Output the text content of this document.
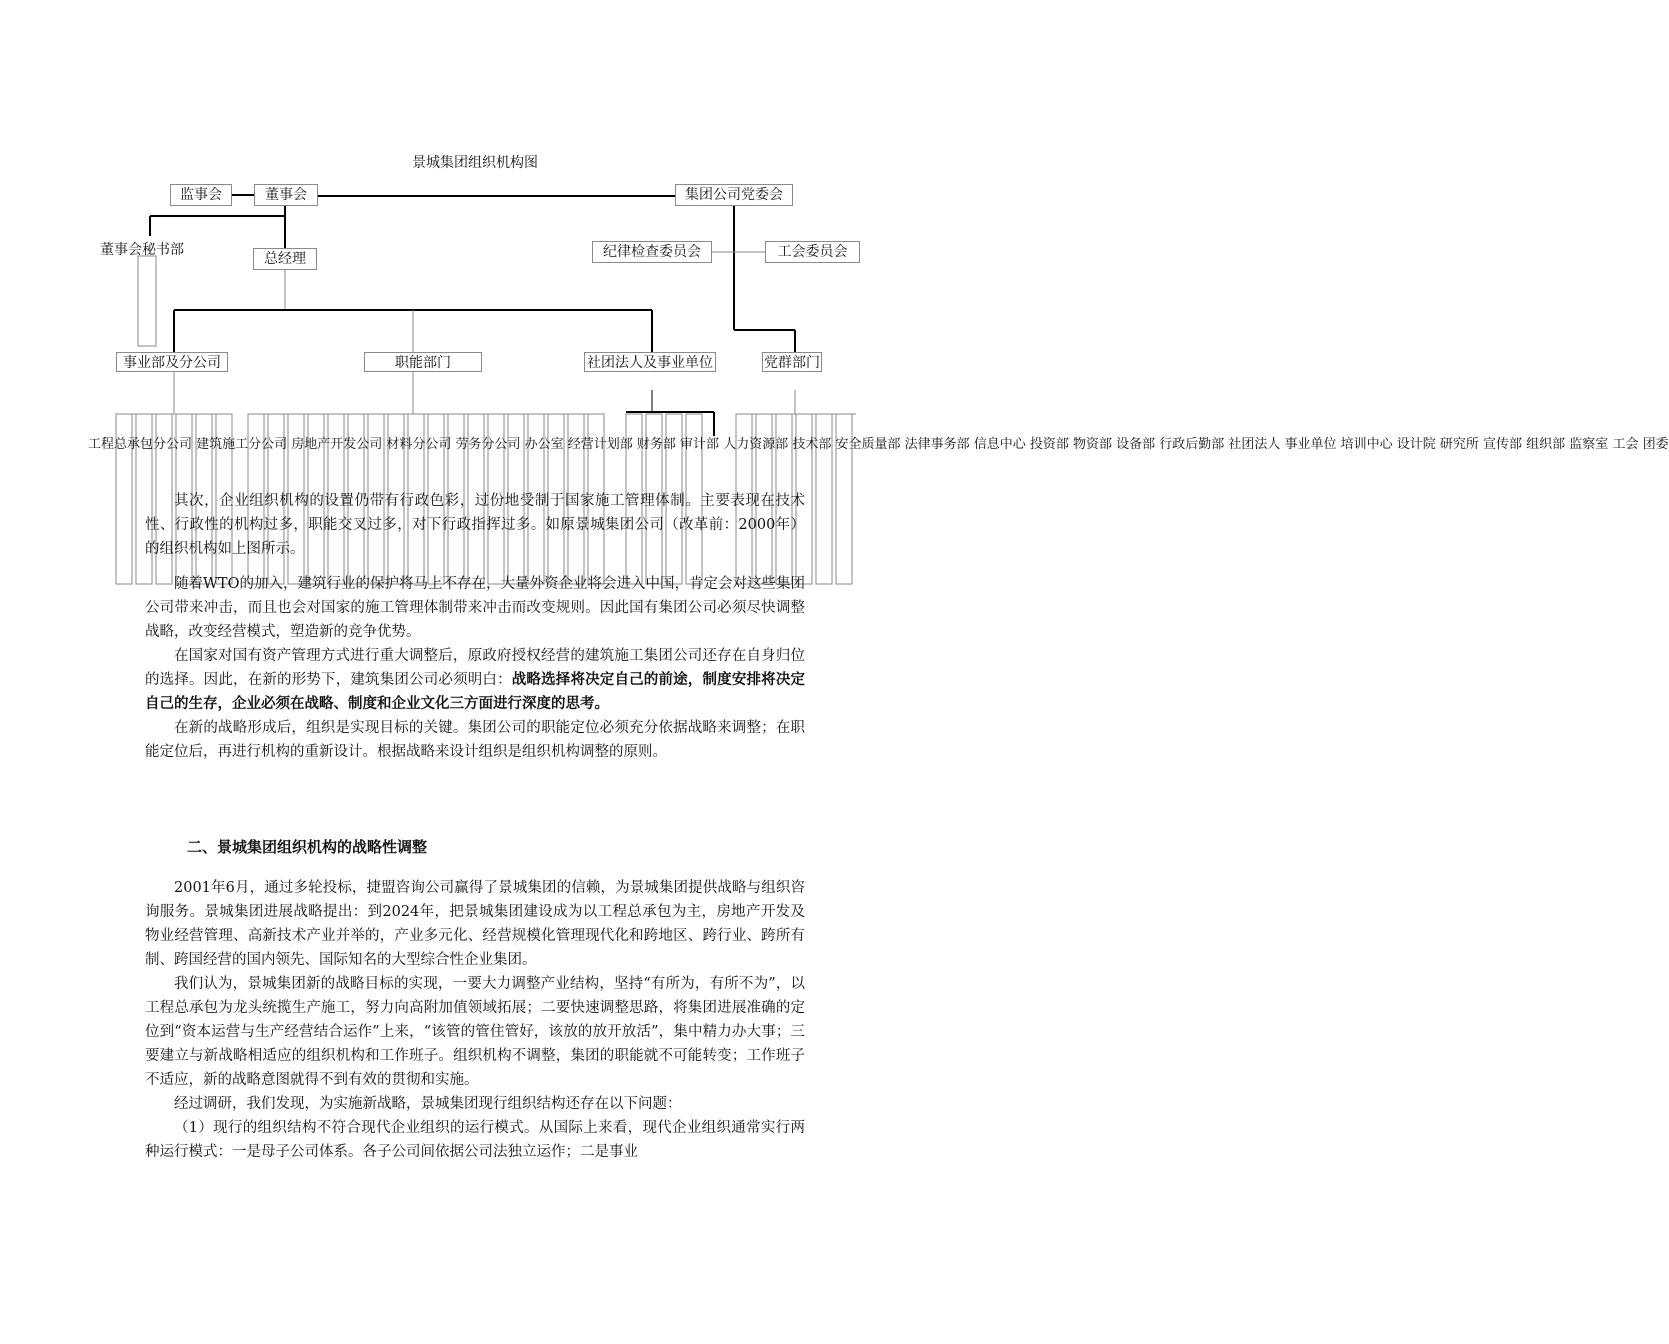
景城集团组织机构图
监事会	董事会	集团公司党委会
董事会秘书部
总经理	纪律检查委员会	工会委员会
事业部及分公司	职能部门	社团法人及事业单位	党群部门
工程总承包分公司 建筑施工分公司 房地产开发公司 材料分公司 劳务分公司 办公室 经营计划部 财务部 审计部 人力资源部 技术部 安全质量部 法律事务部 信息中心 投资部 物资部 设备部 行政后勤部 社团法人 事业单位 培训中心 设计院 研究所 宣传部 组织部 监察室 工会 团委

其次，企业组织机构的设置仍带有行政色彩，过份地受制于国家施工管理体制。主要表现在技术性、行政性的机构过多，职能交叉过多，对下行政指挥过多。如原景城集团公司（改革前：2000年）的组织机构如上图所示。

随着WTO的加入，建筑行业的保护将马上不存在，大量外资企业将会进入中国，肯定会对这些集团公司带来冲击，而且也会对国家的施工管理体制带来冲击而改变规则。因此国有集团公司必须尽快调整战略，改变经营模式，塑造新的竞争优势。

在国家对国有资产管理方式进行重大调整后，原政府授权经营的建筑施工集团公司还存在自身归位的选择。因此，在新的形势下，建筑集团公司必须明白：战略选择将决定自己的前途，制度安排将决定自己的生存，企业必须在战略、制度和企业文化三方面进行深度的思考。

在新的战略形成后，组织是实现目标的关键。集团公司的职能定位必须充分依据战略来调整；在职能定位后，再进行机构的重新设计。根据战略来设计组织是组织机构调整的原则。

二、景城集团组织机构的战略性调整

2001年6月，通过多轮投标，捷盟咨询公司赢得了景城集团的信赖，为景城集团提供战略与组织咨询服务。景城集团进展战略提出：到2024年，把景城集团建设成为以工程总承包为主，房地产开发及物业经营管理、高新技术产业并举的，产业多元化、经营规模化管理现代化和跨地区、跨行业、跨所有制、跨国经营的国内领先、国际知名的大型综合性企业集团。

我们认为，景城集团新的战略目标的实现，一要大力调整产业结构，坚持“有所为，有所不为”，以工程总承包为龙头统揽生产施工，努力向高附加值领域拓展；二要快速调整思路，将集团进展准确的定位到“资本运营与生产经营结合运作”上来，“该管的管住管好，该放的放开放活”，集中精力办大事；三要建立与新战略相适应的组织机构和工作班子。组织机构不调整，集团的职能就不可能转变；工作班子不适应，新的战略意图就得不到有效的贯彻和实施。

经过调研，我们发现，为实施新战略，景城集团现行组织结构还存在以下问题：

（1）现行的组织结构不符合现代企业组织的运行模式。从国际上来看，现代企业组织通常实行两种运行模式：一是母子公司体系。各子公司间依据公司法独立运作；二是事业
